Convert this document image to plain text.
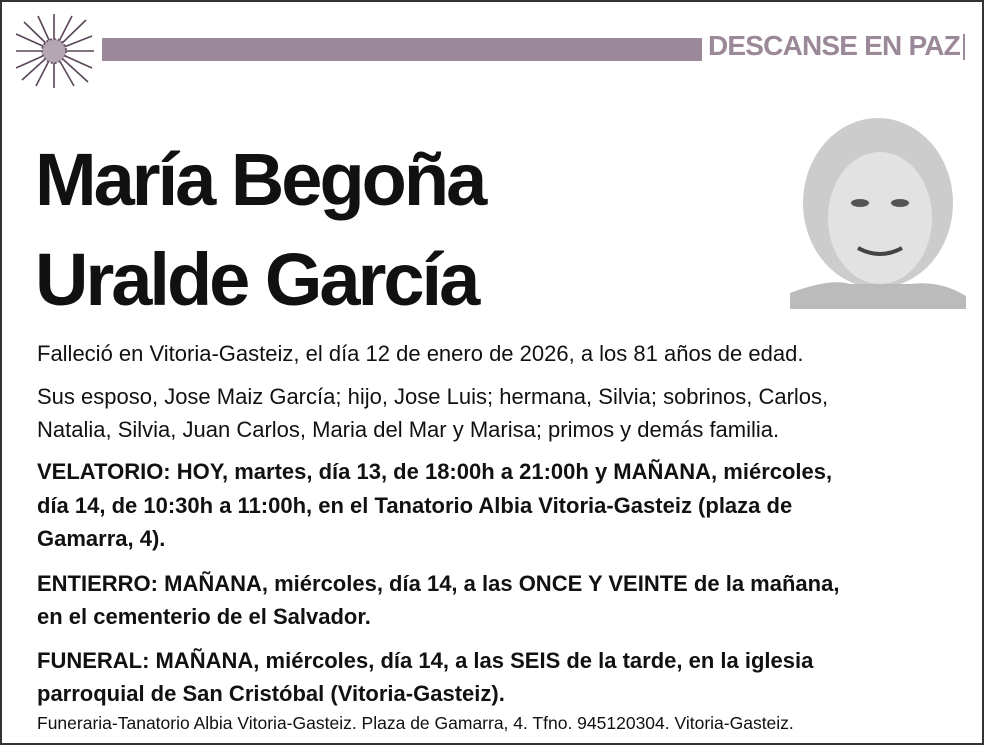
DESCANSE EN PAZ
María Begoña
Uralde García
Falleció en Vitoria-Gasteiz, el día 12 de enero de 2026, a los 81 años de edad.
Sus esposo, Jose Maiz García; hijo, Jose Luis; hermana, Silvia; sobrinos, Carlos,
Natalia, Silvia, Juan Carlos, Maria del Mar y Marisa; primos y demás familia.
VELATORIO: HOY, martes, día 13, de 18:00h a 21:00h y MAÑANA, miércoles,
día 14, de 10:30h a 11:00h, en el Tanatorio Albia Vitoria-Gasteiz (plaza de
Gamarra, 4).
ENTIERRO: MAÑANA, miércoles, día 14, a las ONCE Y VEINTE de la mañana,
en el cementerio de el Salvador.
FUNERAL: MAÑANA, miércoles, día 14, a las SEIS de la tarde, en la iglesia
parroquial de San Cristóbal (Vitoria-Gasteiz).
Funeraria-Tanatorio Albia Vitoria-Gasteiz. Plaza de Gamarra, 4. Tfno. 945120304. Vitoria-Gasteiz.
